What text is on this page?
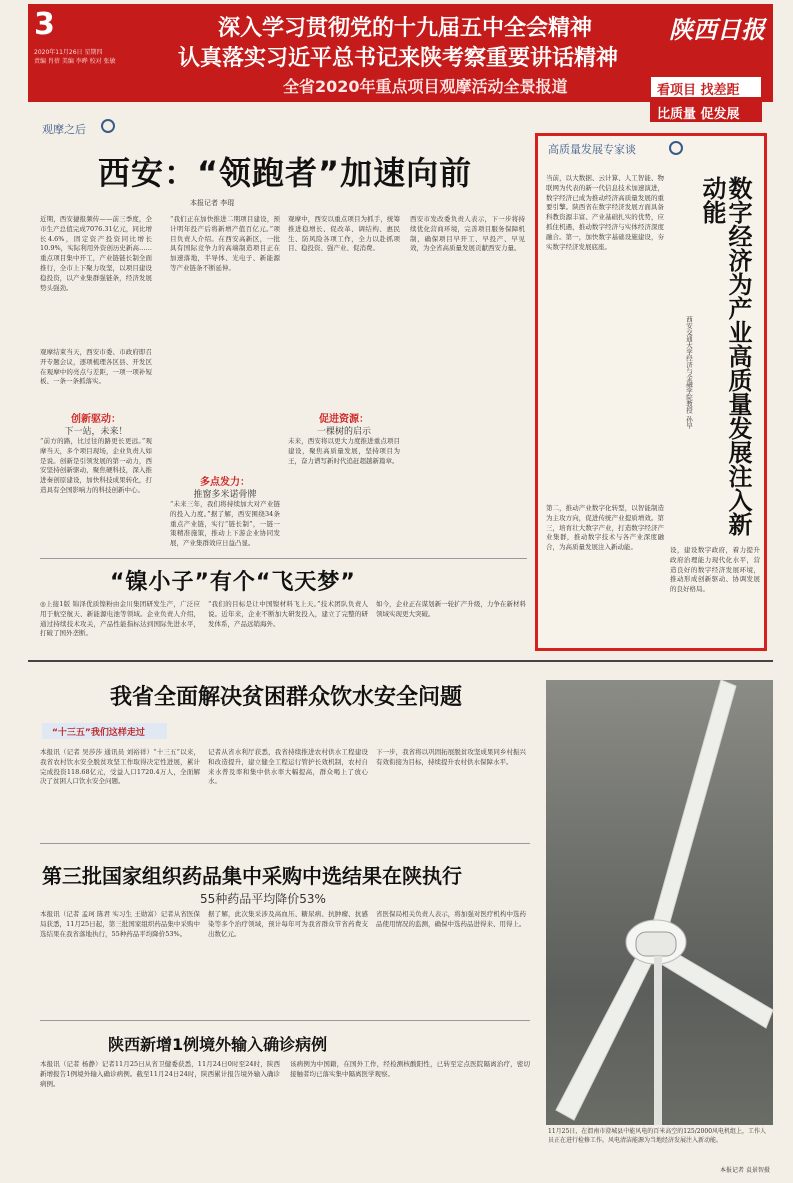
3
2020年11月26日 星期四
责编 肖蓓 美编 李晔 校对 张敏
深入学习贯彻党的十九届五中全会精神
认真落实习近平总书记来陕考察重要讲话精神
陕西日报
全省2020年重点项目观摩活动全景报道	看项目 找差距
比质量 促发展
观摩之后
西安：“领跑者”加速向前
本报记者 李琨
近期，西安捷报频传——前三季度，全市生产总值完成7076.31亿元，同比增长4.6%，固定资产投资同比增长10.9%，实际利用外资创历史新高……重点项目集中开工，产业链链长制全面推行，全市上下聚力攻坚，以项目建设稳投资，以产业集群强链条，经济发展势头强劲。
观摩结束当天，西安市委、市政府即召开专题会议，逐项梳理各区县、开发区在观摩中的亮点与差距，一项一项补短板、一条一条抓落实。
创新驱动：
下一站，未来！
“前方的路，比过往的路更长更远。”观摩当天，多个项目现场，企业负责人如是说。创新是引领发展的第一动力，西安坚持创新驱动，聚焦硬科技，深入推进秦创原建设，加快科技成果转化，打造具有全国影响力的科技创新中心。
“我们正在加快推进二期项目建设，预计明年投产后将新增产值百亿元。”项目负责人介绍。在西安高新区，一批具有国际竞争力的高端制造项目正在加速落地，半导体、光电子、新能源等产业链条不断延伸。
多点发力：
推窗多米诺骨牌
“未来三年，我们将持续加大对产业链的投入力度。”据了解，西安围绕34条重点产业链，实行“链长制”，一链一策精准施策，推动上下游企业协同发展，产业集群效应日益凸显。
观摩中，西安以重点项目为抓手，统筹推进稳增长、促改革、调结构、惠民生、防风险各项工作，全力以赴抓项目、稳投资、强产业、促消费。
促进资源：
一棵树的启示
未来，西安将以更大力度推进重点项目建设，聚焦高质量发展，坚持项目为王，奋力谱写新时代追赶超越新篇章。
西安市发改委负责人表示，下一步将持续优化营商环境，完善项目服务保障机制，确保项目早开工、早投产、早见效，为全省高质量发展贡献西安力量。
高质量发展专家谈
数字经济为产业高质量发展注入新动能
西安交通大学经济与金融学院教授 孙早
当前，以大数据、云计算、人工智能、物联网为代表的新一代信息技术加速演进，数字经济已成为推动经济高质量发展的重要引擎。陕西省在数字经济发展方面具备科教资源丰富、产业基础扎实的优势，应抓住机遇，推动数字经济与实体经济深度融合。第一，加快数字基础设施建设，夯实数字经济发展底座。
第二，推动产业数字化转型，以智能制造为主攻方向，促进传统产业提质增效。第三，培育壮大数字产业，打造数字经济产业集群，推动数字技术与各产业深度融合，为高质量发展注入新动能。	设，建设数字政府，着力提升政府治理能力现代化水平，营造良好的数字经济发展环境，推动形成创新驱动、协调发展的良好格局。
“镍小子”有个“飞天梦”
◎上接1版 锦泽优质镍粉由金川集团研发生产，广泛应用于航空航天、新能源电池等领域。企业负责人介绍，通过持续技术攻关，产品性能指标达到国际先进水平，打破了国外垄断。
“我们的目标是让中国镍材料飞上天。”技术团队负责人说。近年来，企业不断加大研发投入，建立了完整的研发体系，产品远销海外。
如今，企业正在谋划新一轮扩产升级，力争在新材料领域实现更大突破。
我省全面解决贫困群众饮水安全问题
“十三五”我们这样走过
本报讯（记者 吴莎莎 通讯员 刘裕祥）“十三五”以来，我省农村饮水安全脱贫攻坚工作取得决定性进展，累计完成投资118.68亿元，受益人口1720.4万人，全面解决了贫困人口饮水安全问题。
记者从省水利厅获悉，我省持续推进农村供水工程建设和改造提升，建立健全工程运行管护长效机制，农村自来水普及率和集中供水率大幅提高，群众喝上了放心水。
下一步，我省将以巩固拓展脱贫攻坚成果同乡村振兴有效衔接为目标，持续提升农村供水保障水平。
第三批国家组织药品集中采购中选结果在陕执行
55种药品平均降价53%
本报讯（记者 孟珂 陈君 实习生 王勋富）记者从省医保局获悉，11月25日起，第三批国家组织药品集中采购中选结果在我省落地执行，55种药品平均降价53%。
据了解，此次集采涉及高血压、糖尿病、抗肿瘤、抗感染等多个治疗领域，预计每年可为我省群众节省药费支出数亿元。
省医保局相关负责人表示，将加强对医疗机构中选药品使用情况的监测，确保中选药品进得来、用得上。
陕西新增1例境外输入确诊病例
本报讯（记者 杨静）记者11月25日从省卫健委获悉，11月24日0时至24时，陕西新增报告1例境外输入确诊病例。截至11月24日24时，陕西累计报告境外输入确诊病例。
该病例为中国籍，在国外工作，经检测核酸阳性，已转至定点医院隔离治疗，密切接触者均已落实集中隔离医学观察。
11月25日，在渭南市澄城县中能风电的百米高空的125/2000风电机组上，工作人员正在进行检修工作。风电清洁能源为当地经济发展注入新动能。
本报记者 袁景智摄
